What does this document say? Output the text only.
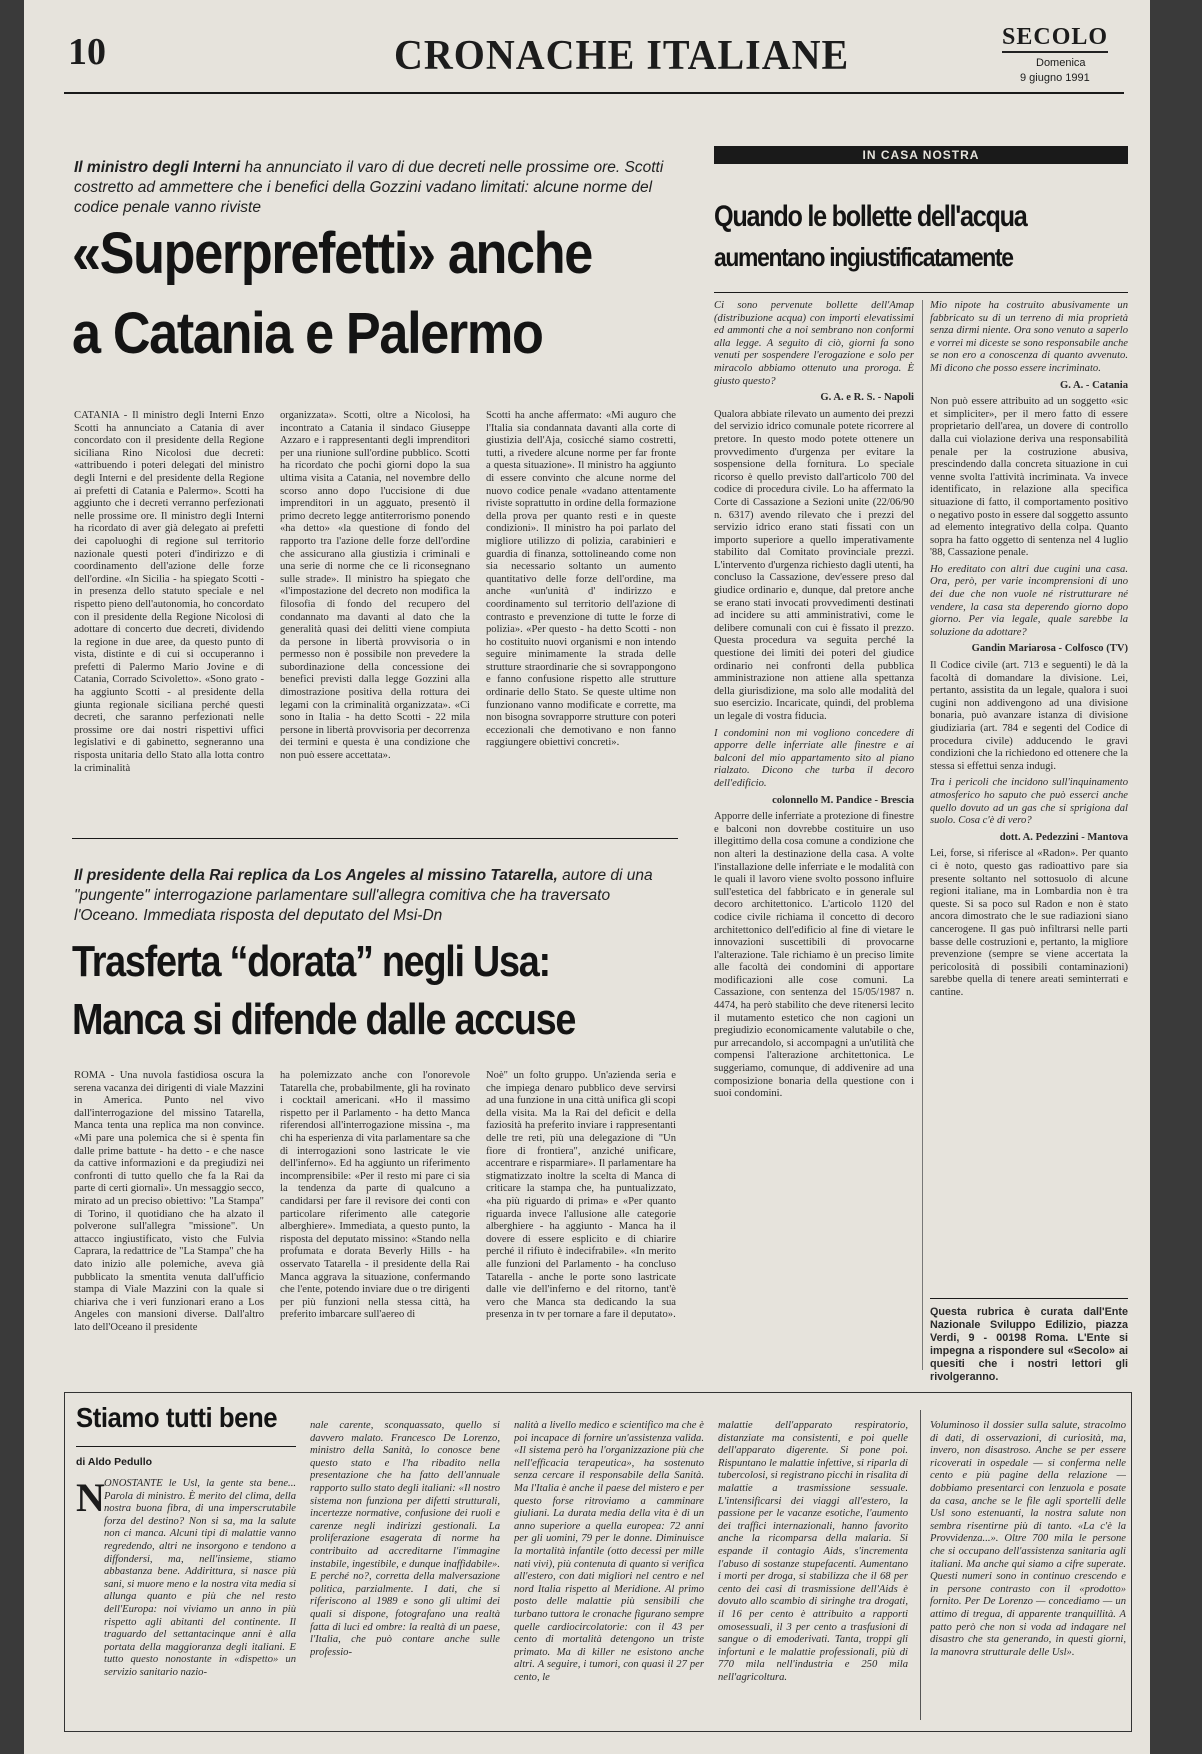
10	CRONACHE ITALIANE	SECOLO
Domenica
9 giugno 1991
Il ministro degli Interni ha annunciato il varo di due decreti nelle prossime ore. Scotti costretto ad ammettere che i benefici della Gozzini vadano limitati: alcune norme del codice penale vanno riviste
«Superprefetti» anche
a Catania e Palermo
CATANIA - Il ministro degli Interni Enzo Scotti ha annunciato a Catania di aver concordato con il presidente della Regione siciliana Rino Nicolosi due decreti: «attribuendo i poteri delegati del ministro degli Interni e del presidente della Regione ai prefetti di Catania e Palermo». Scotti ha aggiunto che i decreti verranno perfezionati nelle prossime ore. Il ministro degli Interni ha ricordato di aver già delegato ai prefetti dei capoluoghi di regione sul territorio nazionale questi poteri d'indirizzo e di coordinamento dell'azione delle forze dell'ordine. «In Sicilia - ha spiegato Scotti - in presenza dello statuto speciale e nel rispetto pieno dell'autonomia, ho concordato con il presidente della Regione Nicolosi di adottare di concerto due decreti, dividendo la regione in due aree, da questo punto di vista, distinte e di cui si occuperanno i prefetti di Palermo Mario Jovine e di Catania, Corrado Scivoletto». «Sono grato - ha aggiunto Scotti - al presidente della giunta regionale siciliana perché questi decreti, che saranno perfezionati nelle prossime ore dai nostri rispettivi uffici legislativi e di gabinetto, segneranno una risposta unitaria dello Stato alla lotta contro la criminalità
organizzata». Scotti, oltre a Nicolosi, ha incontrato a Catania il sindaco Giuseppe Azzaro e i rappresentanti degli imprenditori per una riunione sull'ordine pubblico. Scotti ha ricordato che pochi giorni dopo la sua ultima visita a Catania, nel novembre dello scorso anno dopo l'uccisione di due imprenditori in un agguato, presentò il primo decreto legge antiterrorismo ponendo «ha detto» «la questione di fondo del rapporto tra l'azione delle forze dell'ordine che assicurano alla giustizia i criminali e una serie di norme che ce li riconsegnano sulle strade». Il ministro ha spiegato che «l'impostazione del decreto non modifica la filosofia di fondo del recupero del condannato ma davanti al dato che la generalità quasi dei delitti viene compiuta da persone in libertà provvisoria o in permesso non è possibile non prevedere la subordinazione della concessione dei benefici previsti dalla legge Gozzini alla dimostrazione positiva della rottura dei legami con la criminalità organizzata». «Ci sono in Italia - ha detto Scotti - 22 mila persone in libertà provvisoria per decorrenza dei termini e questa è una condizione che non può essere accettata».
Scotti ha anche affermato: «Mi auguro che l'Italia sia condannata davanti alla corte di giustizia dell'Aja, cosicché siamo costretti, tutti, a rivedere alcune norme per far fronte a questa situazione». Il ministro ha aggiunto di essere convinto che alcune norme del nuovo codice penale «vadano attentamente riviste soprattutto in ordine della formazione della prova per quanto resti e in queste condizioni». Il ministro ha poi parlato del migliore utilizzo di polizia, carabinieri e guardia di finanza, sottolineando come non sia necessario soltanto un aumento quantitativo delle forze dell'ordine, ma anche «un'unità d' indirizzo e coordinamento sul territorio dell'azione di contrasto e prevenzione di tutte le forze di polizia». «Per questo - ha detto Scotti - non ho costituito nuovi organismi e non intendo seguire minimamente la strada delle strutture straordinarie che si sovrappongono e fanno confusione rispetto alle strutture ordinarie dello Stato. Se queste ultime non funzionano vanno modificate e corrette, ma non bisogna sovrapporre strutture con poteri eccezionali che demotivano e non fanno raggiungere obiettivi concreti».
Il presidente della Rai replica da Los Angeles al missino Tatarella, autore di una "pungente" interrogazione parlamentare sull'allegra comitiva che ha traversato l'Oceano. Immediata risposta del deputato del Msi-Dn
Trasferta “dorata” negli Usa:
Manca si difende dalle accuse
ROMA - Una nuvola fastidiosa oscura la serena vacanza dei dirigenti di viale Mazzini in America. Punto nel vivo dall'interrogazione del missino Tatarella, Manca tenta una replica ma non convince. «Mi pare una polemica che si è spenta fin dalle prime battute - ha detto - e che nasce da cattive informazioni e da pregiudizi nei confronti di tutto quello che fa la Rai da parte di certi giornali». Un messaggio secco, mirato ad un preciso obiettivo: "La Stampa" di Torino, il quotidiano che ha alzato il polverone sull'allegra "missione". Un attacco ingiustificato, visto che Fulvia Caprara, la redattrice de "La Stampa" che ha dato inizio alle polemiche, aveva già pubblicato la smentita venuta dall'ufficio stampa di Viale Mazzini con la quale si chiariva che i veri funzionari erano a Los Angeles con mansioni diverse. Dall'altro lato dell'Oceano il presidente
ha polemizzato anche con l'onorevole Tatarella che, probabilmente, gli ha rovinato i cocktail americani. «Ho il massimo rispetto per il Parlamento - ha detto Manca riferendosi all'interrogazione missina -, ma chi ha esperienza di vita parlamentare sa che di interrogazioni sono lastricate le vie dell'inferno». Ed ha aggiunto un riferimento incomprensibile: «Per il resto mi pare ci sia la tendenza da parte di qualcuno a candidarsi per fare il revisore dei conti con particolare riferimento alle categorie alberghiere». Immediata, a questo punto, la risposta del deputato missino: «Stando nella profumata e dorata Beverly Hills - ha osservato Tatarella - il presidente della Rai Manca aggrava la situazione, confermando che l'ente, potendo inviare due o tre dirigenti per più funzioni nella stessa città, ha preferito imbarcare sull'aereo di
Noè" un folto gruppo. Un'azienda seria e che impiega denaro pubblico deve servirsi ad una funzione in una città unifica gli scopi della visita. Ma la Rai del deficit e della faziosità ha preferito inviare i rappresentanti delle tre reti, più una delegazione di "Un fiore di frontiera", anziché unificare, accentrare e risparmiare». Il parlamentare ha stigmatizzato inoltre la scelta di Manca di criticare la stampa che, ha puntualizzato, «ha più riguardo di prima» e «Per quanto riguarda invece l'allusione alle categorie alberghiere - ha aggiunto - Manca ha il dovere di essere esplicito e di chiarire perché il rifiuto è indecifrabile». «In merito alle funzioni del Parlamento - ha concluso Tatarella - anche le porte sono lastricate dalle vie dell'inferno e del ritorno, tant'è vero che Manca sta dedicando la sua presenza in tv per tornare a fare il deputato».
IN CASA NOSTRA
Quando le bollette dell'acqua
aumentano ingiustificatamente

Ci sono pervenute bollette dell'Amap (distribuzione acqua) con importi elevatissimi ed ammonti che a noi sembrano non conformi alla legge. A seguito di ciò, giorni fa sono venuti per sospendere l'erogazione e solo per miracolo abbiamo ottenuto una proroga. È giusto questo?

G. A. e R. S. - Napoli

Qualora abbiate rilevato un aumento dei prezzi del servizio idrico comunale potete ricorrere al pretore. In questo modo potete ottenere un provvedimento d'urgenza per evitare la sospensione della fornitura. Lo speciale ricorso è quello previsto dall'articolo 700 del codice di procedura civile. Lo ha affermato la Corte di Cassazione a Sezioni unite (22/06/90 n. 6317) avendo rilevato che i prezzi del servizio idrico erano stati fissati con un importo superiore a quello imperativamente stabilito dal Comitato provinciale prezzi. L'intervento d'urgenza richiesto dagli utenti, ha concluso la Cassazione, dev'essere preso dal giudice ordinario e, dunque, dal pretore anche se erano stati invocati provvedimenti destinati ad incidere su atti amministrativi, come le delibere comunali con cui è fissato il prezzo. Questa procedura va seguita perché la questione dei limiti dei poteri del giudice ordinario nei confronti della pubblica amministrazione non attiene alla spettanza della giurisdizione, ma solo alle modalità del suo esercizio. Incaricate, quindi, del problema un legale di vostra fiducia.

I condomini non mi vogliono concedere di apporre delle inferriate alle finestre e ai balconi del mio appartamento sito al piano rialzato. Dicono che turba il decoro dell'edificio.

colonnello M. Pandice - Brescia

Apporre delle inferriate a protezione di finestre e balconi non dovrebbe costituire un uso illegittimo della cosa comune a condizione che non alteri la destinazione della casa. A volte l'installazione delle inferriate e le modalità con le quali il lavoro viene svolto possono influire sull'estetica del fabbricato e in generale sul decoro architettonico. L'articolo 1120 del codice civile richiama il concetto di decoro architettonico dell'edificio al fine di vietare le innovazioni suscettibili di provocarne l'alterazione. Tale richiamo è un preciso limite alle facoltà dei condomini di apportare modificazioni alle cose comuni. La Cassazione, con sentenza del 15/05/1987 n. 4474, ha però stabilito che deve ritenersi lecito il mutamento estetico che non cagioni un pregiudizio economicamente valutabile o che, pur arrecandolo, si accompagni a un'utilità che compensi l'alterazione architettonica. Le suggeriamo, comunque, di addivenire ad una composizione bonaria della questione con i suoi condomini.

Mio nipote ha costruito abusivamente un fabbricato su di un terreno di mia proprietà senza dirmi niente. Ora sono venuto a saperlo e vorrei mi diceste se sono responsabile anche se non ero a conoscenza di quanto avvenuto. Mi dicono che posso essere incriminato.

G. A. - Catania

Non può essere attribuito ad un soggetto «sic et simpliciter», per il mero fatto di essere proprietario dell'area, un dovere di controllo dalla cui violazione deriva una responsabilità penale per la costruzione abusiva, prescindendo dalla concreta situazione in cui venne svolta l'attività incriminata. Va invece identificato, in relazione alla specifica situazione di fatto, il comportamento positivo o negativo posto in essere dal soggetto assunto ad elemento integrativo della colpa. Quanto sopra ha fatto oggetto di sentenza nel 4 luglio '88, Cassazione penale.

Ho ereditato con altri due cugini una casa. Ora, però, per varie incomprensioni di uno dei due che non vuole né ristrutturare né vendere, la casa sta deperendo giorno dopo giorno. Per via legale, quale sarebbe la soluzione da adottare?

Gandin Mariarosa - Colfosco (TV)

Il Codice civile (art. 713 e seguenti) le dà la facoltà di domandare la divisione. Lei, pertanto, assistita da un legale, qualora i suoi cugini non addivengono ad una divisione bonaria, può avanzare istanza di divisione giudiziaria (art. 784 e segenti del Codice di procedura civile) adducendo le gravi condizioni che la richiedono ed ottenere che la stessa si effettui senza indugi.

Tra i pericoli che incidono sull'inquinamento atmosferico ho saputo che può esserci anche quello dovuto ad un gas che si sprigiona dal suolo. Cosa c'è di vero?

dott. A. Pedezzini - Mantova

Lei, forse, si riferisce al «Radon». Per quanto ci è noto, questo gas radioattivo pare sia presente soltanto nel sottosuolo di alcune regioni italiane, ma in Lombardia non è tra queste. Si sa poco sul Radon e non è stato ancora dimostrato che le sue radiazioni siano cancerogene. Il gas può infiltrarsi nelle parti basse delle costruzioni e, pertanto, la migliore prevenzione (sempre se viene accertata la pericolosità di possibili contaminazioni) sarebbe quella di tenere areati seminterrati e cantine.

Questa rubrica è curata dall'Ente Nazionale Sviluppo Edilizio, piazza Verdi, 9 - 00198 Roma. L'Ente si impegna a rispondere sul «Secolo» ai quesiti che i nostri lettori gli rivolgeranno.
Stiamo tutti bene
di Aldo Pedullo
N ONOSTANTE le Usl, la gente sta bene... Parola di ministro. È merito del clima, della nostra buona fibra, di una imperscrutabile forza del destino? Non si sa, ma la salute non ci manca. Alcuni tipi di malattie vanno regredendo, altri ne insorgono e tendono a diffondersi, ma, nell'insieme, stiamo abbastanza bene. Addirittura, si nasce più sani, si muore meno e la nostra vita media si allunga quanto e più che nel resto dell'Europa: noi viviamo un anno in più rispetto agli abitanti del continente. Il traguardo del settantacinque anni è alla portata della maggioranza degli italiani. E tutto questo nonostante in «dispetto» un servizio sanitario nazio-
nale carente, sconquassato, quello si davvero malato. Francesco De Lorenzo, ministro della Sanità, lo conosce bene questo stato e l'ha ribadito nella presentazione che ha fatto dell'annuale rapporto sullo stato degli italiani: «Il nostro sistema non funziona per difetti strutturali, incertezze normative, confusione dei ruoli e carenze negli indirizzi gestionali. La proliferazione esagerata di norme ha contribuito ad accreditarne l'immagine instabile, ingestibile, e dunque inaffidabile». E perché no?, corretta della malversazione politica, parzialmente. I dati, che si riferiscono al 1989 e sono gli ultimi dei quali si dispone, fotografano una realtà fatta di luci ed ombre: la realtà di un paese, l'Italia, che può contare anche sulle professio-
nalità a livello medico e scientifico ma che è poi incapace di fornire un'assistenza valida. «Il sistema però ha l'organizzazione più che nell'efficacia terapeutica», ha sostenuto senza cercare il responsabile della Sanità. Ma l'Italia è anche il paese del mistero e per questo forse ritroviamo a camminare giuliani. La durata media della vita è di un anno superiore a quella europea: 72 anni per gli uomini, 79 per le donne. Diminuisce la mortalità infantile (otto decessi per mille nati vivi), più contenuta di quanto si verifica all'estero, con dati migliori nel centro e nel nord Italia rispetto al Meridione. Al primo posto delle malattie più sensibili che turbano tuttora le cronache figurano sempre quelle cardiocircolatorie: con il 43 per cento di mortalità detengono un triste primato. Ma di killer ne esistono anche altri. A seguire, i tumori, con quasi il 27 per cento, le
malattie dell'apparato respiratorio, distanziate ma consistenti, e poi quelle dell'apparato digerente. Si pone poi. Rispuntano le malattie infettive, si riparla di tubercolosi, si registrano picchi in risalita di malattie a trasmissione sessuale. L'intensificarsi dei viaggi all'estero, la passione per le vacanze esotiche, l'aumento dei traffici internazionali, hanno favorito anche la ricomparsa della malaria. Si espande il contagio Aids, s'incrementa l'abuso di sostanze stupefacenti. Aumentano i morti per droga, si stabilizza che il 68 per cento dei casi di trasmissione dell'Aids è dovuto allo scambio di siringhe tra drogati, il 16 per cento è attribuito a rapporti omosessuali, il 3 per cento a trasfusioni di sangue o di emoderivati. Tanta, troppi gli infortuni e le malattie professionali, più di 770 mila nell'industria e 250 mila nell'agricoltura.
Voluminoso il dossier sulla salute, stracolmo di dati, di osservazioni, di curiosità, ma, invero, non disastroso. Anche se per essere ricoverati in ospedale — si conferma nelle cento e più pagine della relazione — dobbiamo presentarci con lenzuola e posate da casa, anche se le file agli sportelli delle Usl sono estenuanti, la nostra salute non sembra risentirne più di tanto. «La c'è la Provvidenza...». Oltre 700 mila le persone che si occupano dell'assistenza sanitaria agli italiani. Ma anche qui siamo a cifre superate. Questi numeri sono in continuo crescendo e in persone contrasto con il «prodotto» fornito. Per De Lorenzo — concediamo — un attimo di tregua, di apparente tranquillità. A patto però che non si voda ad indagare nel disastro che sta generando, in questi giorni, la manovra strutturale delle Usl».
